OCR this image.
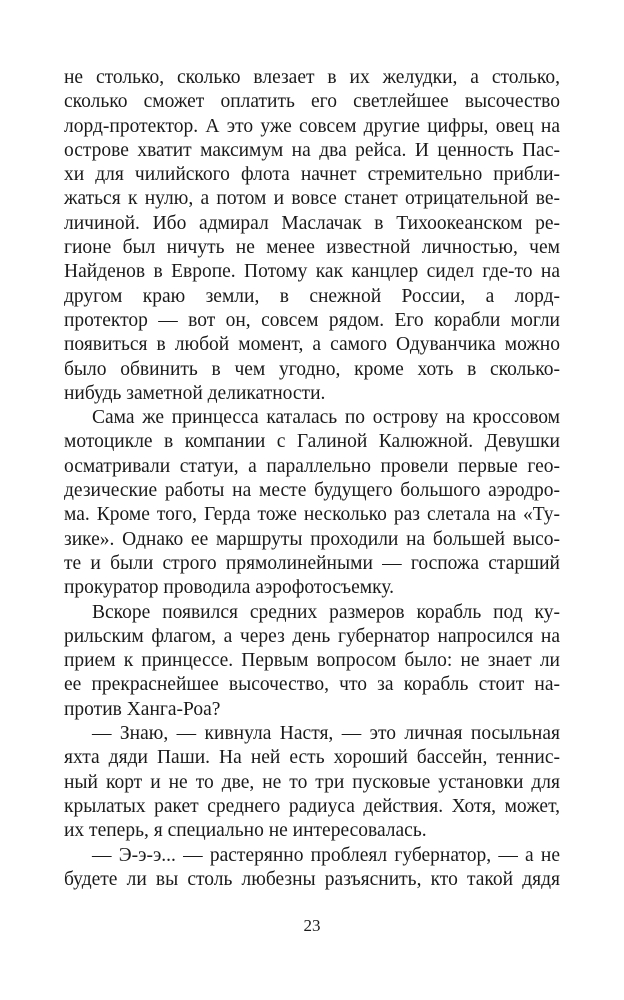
не столько, сколько влезает в их желудки, а столько,
сколько сможет оплатить его светлейшее высочество
лорд-протектор. А это уже совсем другие цифры, овец на
острове хватит максимум на два рейса. И ценность Пас-
хи для чилийского флота начнет стремительно прибли-
жаться к нулю, а потом и вовсе станет отрицательной ве-
личиной. Ибо адмирал Маслачак в Тихоокеанском ре-
гионе был ничуть не менее известной личностью, чем
Найденов в Европе. Потому как канцлер сидел где-то на
другом краю земли, в снежной России, а лорд-
протектор — вот он, совсем рядом. Его корабли могли
появиться в любой момент, а самого Одуванчика можно
было обвинить в чем угодно, кроме хоть в сколько-
нибудь заметной деликатности.
Сама же принцесса каталась по острову на кроссовом
мотоцикле в компании с Галиной Калюжной. Девушки
осматривали статуи, а параллельно провели первые гео-
дезические работы на месте будущего большого аэродро-
ма. Кроме того, Герда тоже несколько раз слетала на «Ту-
зике». Однако ее маршруты проходили на большей высо-
те и были строго прямолинейными — госпожа старший
прокуратор проводила аэрофотосъемку.
Вскоре появился средних размеров корабль под ку-
рильским флагом, а через день губернатор напросился на
прием к принцессе. Первым вопросом было: не знает ли
ее прекраснейшее высочество, что за корабль стоит на-
против Ханга-Роа?
— Знаю, — кивнула Настя, — это личная посыльная
яхта дяди Паши. На ней есть хороший бассейн, теннис-
ный корт и не то две, не то три пусковые установки для
крылатых ракет среднего радиуса действия. Хотя, может,
их теперь, я специально не интересовалась.
— Э-э-э... — растерянно проблеял губернатор, — а не
будете ли вы столь любезны разъяснить, кто такой дядя
23
